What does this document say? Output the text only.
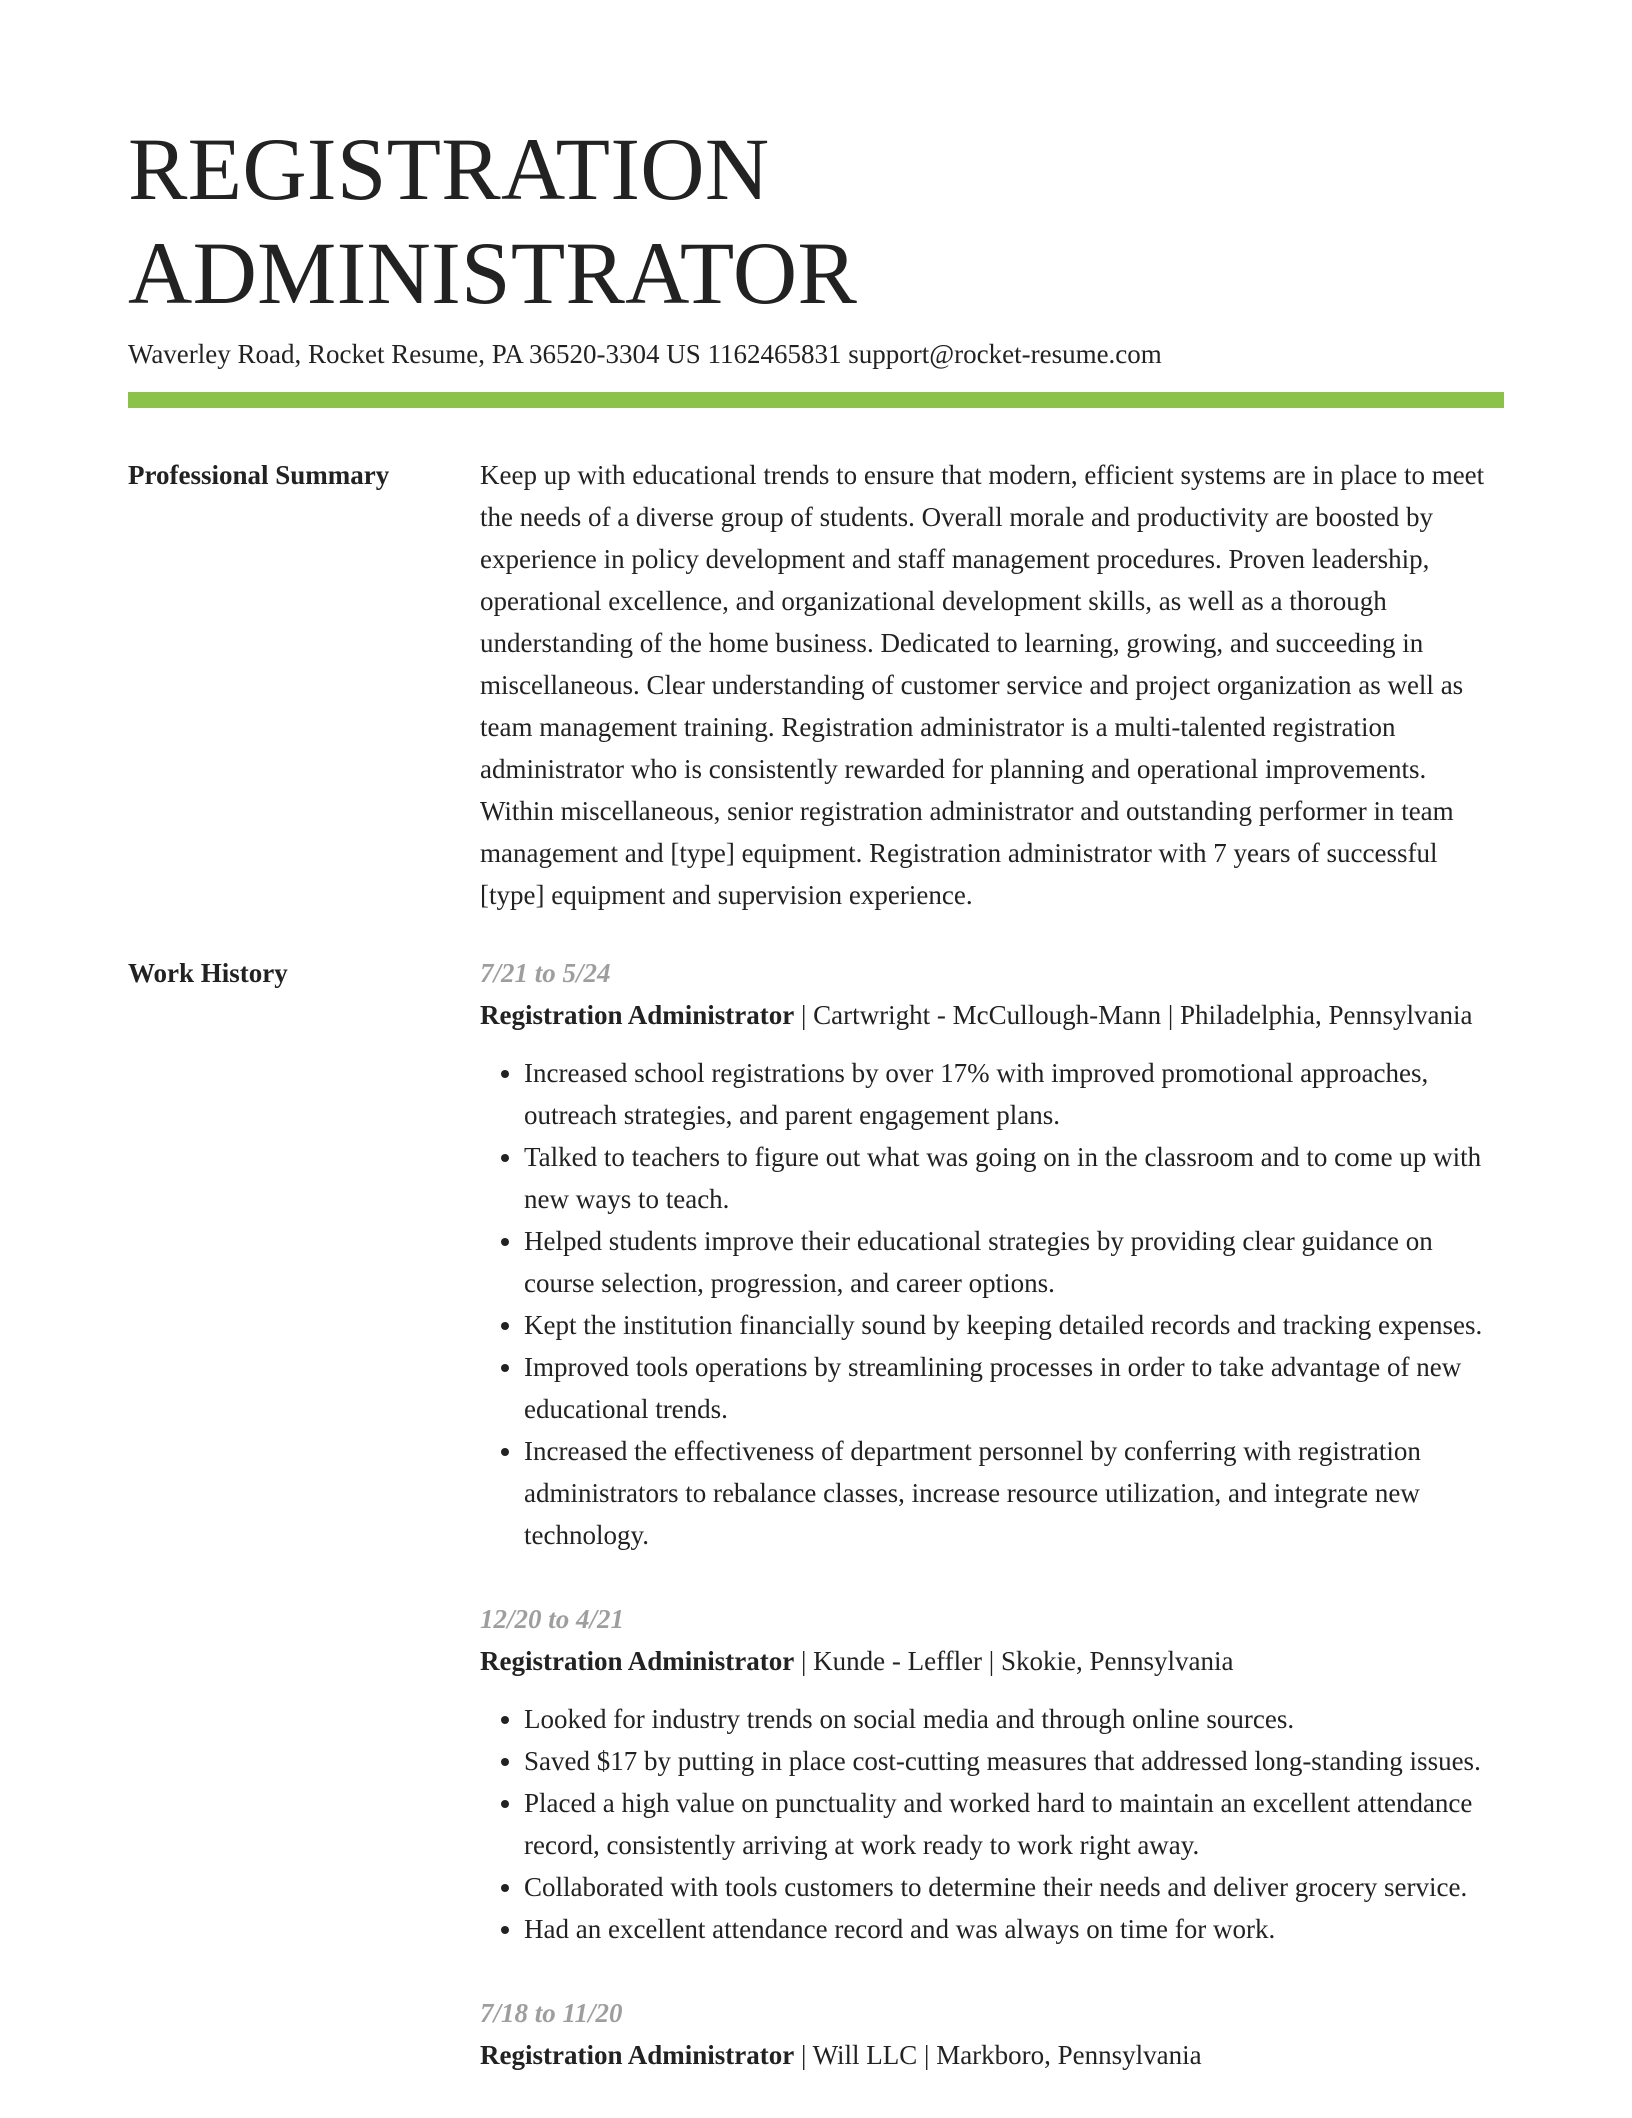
REGISTRATION ADMINISTRATOR
Waverley Road, Rocket Resume, PA 36520-3304 US 1162465831 support@rocket-resume.com
Professional Summary	Keep up with educational trends to ensure that modern, efficient systems are in place to meet the needs of a diverse group of students. Overall morale and productivity are boosted by experience in policy development and staff management procedures. Proven leadership, operational excellence, and organizational development skills, as well as a thorough understanding of the home business. Dedicated to learning, growing, and succeeding in miscellaneous. Clear understanding of customer service and project organization as well as team management training. Registration administrator is a multi-talented registration administrator who is consistently rewarded for planning and operational improvements. Within miscellaneous, senior registration administrator and outstanding performer in team management and [type] equipment. Registration administrator with 7 years of successful [type] equipment and supervision experience.

Work History	7/21 to 5/24
Registration Administrator | Cartwright - McCullough-Mann | Philadelphia, Pennsylvania
• Increased school registrations by over 17% with improved promotional approaches, outreach strategies, and parent engagement plans.
• Talked to teachers to figure out what was going on in the classroom and to come up with new ways to teach.
• Helped students improve their educational strategies by providing clear guidance on course selection, progression, and career options.
• Kept the institution financially sound by keeping detailed records and tracking expenses.
• Improved tools operations by streamlining processes in order to take advantage of new educational trends.
• Increased the effectiveness of department personnel by conferring with registration administrators to rebalance classes, increase resource utilization, and integrate new technology.
12/20 to 4/21
Registration Administrator | Kunde - Leffler | Skokie, Pennsylvania
• Looked for industry trends on social media and through online sources.
• Saved $17 by putting in place cost-cutting measures that addressed long-standing issues.
• Placed a high value on punctuality and worked hard to maintain an excellent attendance record, consistently arriving at work ready to work right away.
• Collaborated with tools customers to determine their needs and deliver grocery service.
• Had an excellent attendance record and was always on time for work.
7/18 to 11/20
Registration Administrator | Will LLC | Markboro, Pennsylvania
